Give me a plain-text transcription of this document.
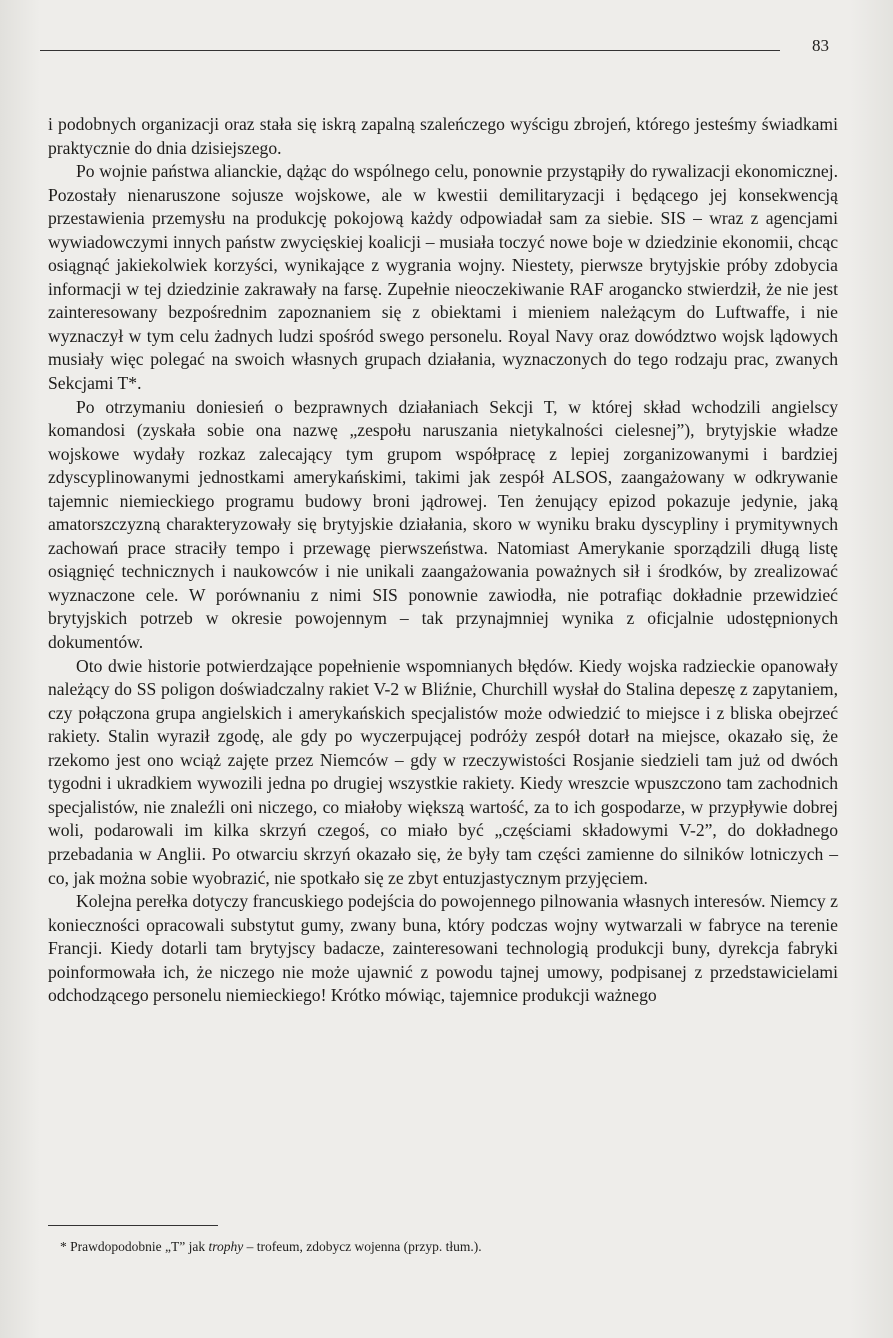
83

i podobnych organizacji oraz stała się iskrą zapalną szaleńczego wyścigu zbrojeń, którego jesteśmy świadkami praktycznie do dnia dzisiejszego.

Po wojnie państwa alianckie, dążąc do wspólnego celu, ponownie przystąpiły do rywalizacji ekonomicznej. Pozostały nienaruszone sojusze wojskowe, ale w kwestii demilitaryzacji i będącego jej konsekwencją przestawienia przemysłu na produkcję pokojową każdy odpowiadał sam za siebie. SIS – wraz z agencjami wywiadowczymi innych państw zwycięskiej koalicji – musiała toczyć nowe boje w dziedzinie ekonomii, chcąc osiągnąć jakiekolwiek korzyści, wynikające z wygrania wojny. Niestety, pierwsze brytyjskie próby zdobycia informacji w tej dziedzinie zakrawały na farsę. Zupełnie nieoczekiwanie RAF arogancko stwierdził, że nie jest zainteresowany bezpośrednim zapoznaniem się z obiektami i mieniem należącym do Luftwaffe, i nie wyznaczył w tym celu żadnych ludzi spośród swego personelu. Royal Navy oraz dowództwo wojsk lądowych musiały więc polegać na swoich własnych grupach działania, wyznaczonych do tego rodzaju prac, zwanych Sekcjami T*.

Po otrzymaniu doniesień o bezprawnych działaniach Sekcji T, w której skład wchodzili angielscy komandosi (zyskała sobie ona nazwę „zespołu naruszania nietykalności cielesnej”), brytyjskie władze wojskowe wydały rozkaz zalecający tym grupom współpracę z lepiej zorganizowanymi i bardziej zdyscyplinowanymi jednostkami amerykańskimi, takimi jak zespół ALSOS, zaangażowany w odkrywanie tajemnic niemieckiego programu budowy broni jądrowej. Ten żenujący epizod pokazuje jedynie, jaką amatorszczyzną charakteryzowały się brytyjskie działania, skoro w wyniku braku dyscypliny i prymitywnych zachowań prace straciły tempo i przewagę pierwszeństwa. Natomiast Amerykanie sporządzili długą listę osiągnięć technicznych i naukowców i nie unikali zaangażowania poważnych sił i środków, by zrealizować wyznaczone cele. W porównaniu z nimi SIS ponownie zawiodła, nie potrafiąc dokładnie przewidzieć brytyjskich potrzeb w okresie powojennym – tak przynajmniej wynika z oficjalnie udostępnionych dokumentów.

Oto dwie historie potwierdzające popełnienie wspomnianych błędów. Kiedy wojska radzieckie opanowały należący do SS poligon doświadczalny rakiet V-2 w Bliźnie, Churchill wysłał do Stalina depeszę z zapytaniem, czy połączona grupa angielskich i amerykańskich specjalistów może odwiedzić to miejsce i z bliska obejrzeć rakiety. Stalin wyraził zgodę, ale gdy po wyczerpującej podróży zespół dotarł na miejsce, okazało się, że rzekomo jest ono wciąż zajęte przez Niemców – gdy w rzeczywistości Rosjanie siedzieli tam już od dwóch tygodni i ukradkiem wywozili jedna po drugiej wszystkie rakiety. Kiedy wreszcie wpuszczono tam zachodnich specjalistów, nie znaleźli oni niczego, co miałoby większą wartość, za to ich gospodarze, w przypływie dobrej woli, podarowali im kilka skrzyń czegoś, co miało być „częściami składowymi V-2”, do dokładnego przebadania w Anglii. Po otwarciu skrzyń okazało się, że były tam części zamienne do silników lotniczych – co, jak można sobie wyobrazić, nie spotkało się ze zbyt entuzjastycznym przyjęciem.

Kolejna perełka dotyczy francuskiego podejścia do powojennego pilnowania własnych interesów. Niemcy z konieczności opracowali substytut gumy, zwany buna, który podczas wojny wytwarzali w fabryce na terenie Francji. Kiedy dotarli tam brytyjscy badacze, zainteresowani technologią produkcji buny, dyrekcja fabryki poinformowała ich, że niczego nie może ujawnić z powodu tajnej umowy, podpisanej z przedstawicielami odchodzącego personelu niemieckiego! Krótko mówiąc, tajemnice produkcji ważnego

* Prawdopodobnie „T” jak trophy – trofeum, zdobycz wojenna (przyp. tłum.).
